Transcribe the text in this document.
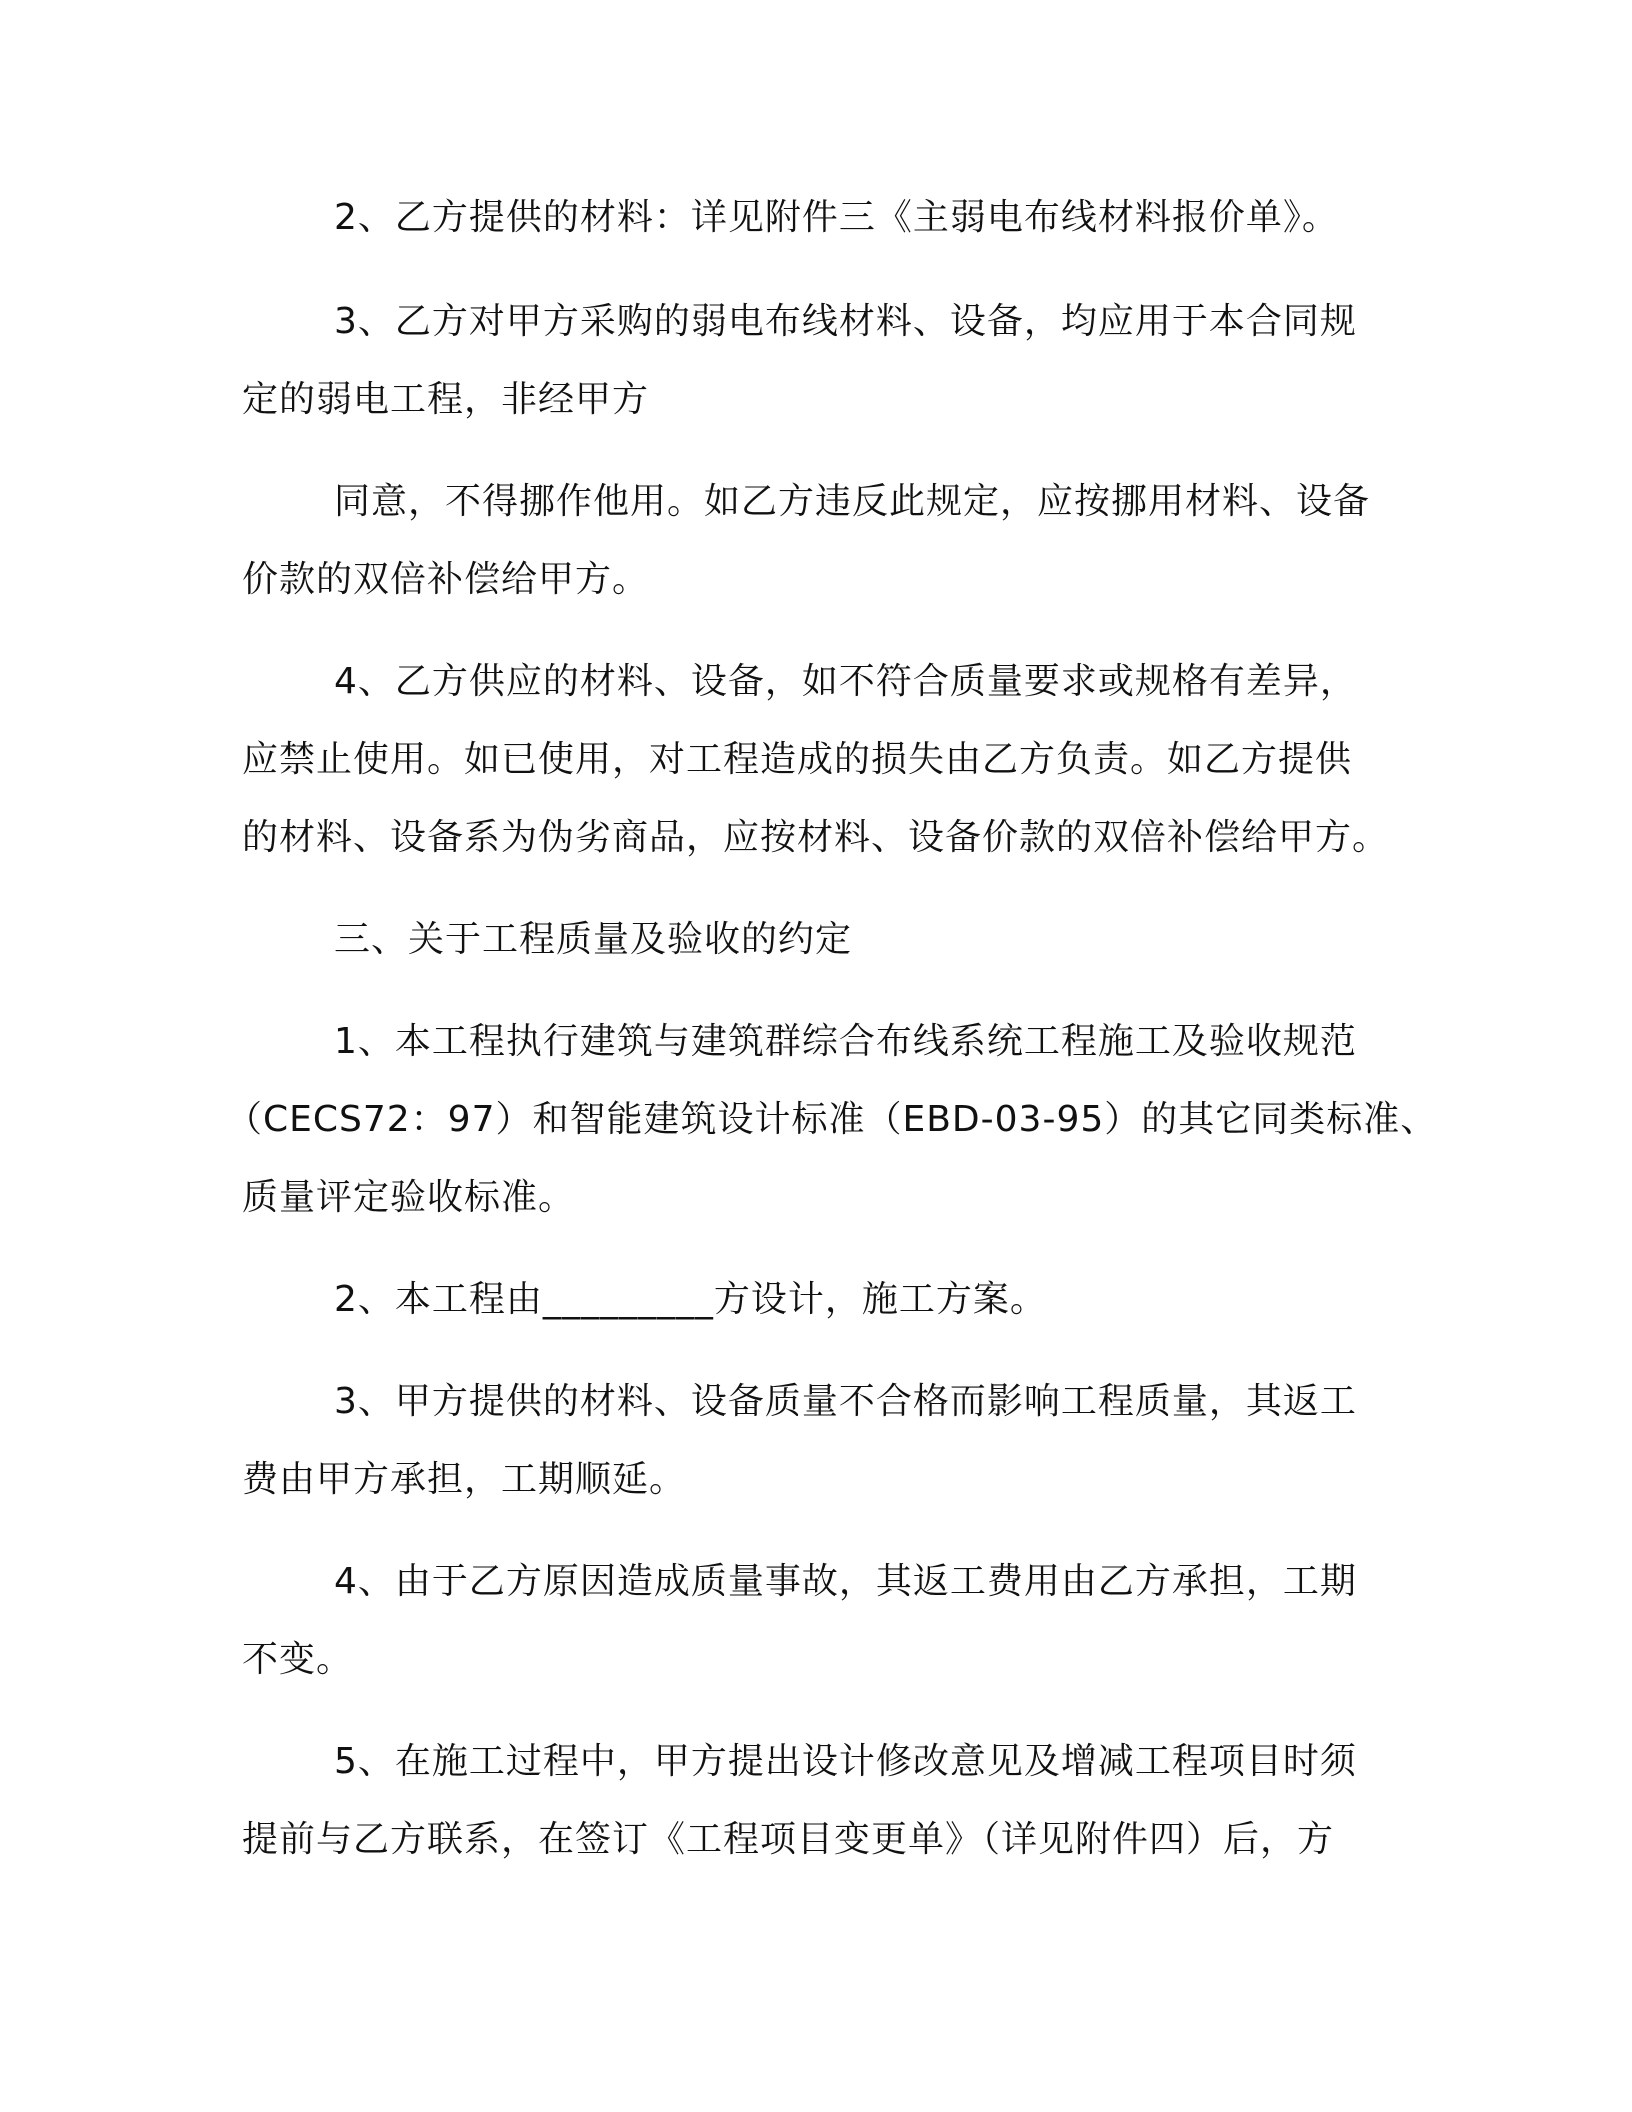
2、乙方提供的材料：详见附件三《主弱电布线材料报价单》。
3、乙方对甲方采购的弱电布线材料、设备，均应用于本合同规
定的弱电工程，非经甲方
同意，不得挪作他用。如乙方违反此规定，应按挪用材料、设备
价款的双倍补偿给甲方。
4、乙方供应的材料、设备，如不符合质量要求或规格有差异，
应禁止使用。如已使用，对工程造成的损失由乙方负责。如乙方提供
的材料、设备系为伪劣商品，应按材料、设备价款的双倍补偿给甲方。
三、关于工程质量及验收的约定
1、本工程执行建筑与建筑群综合布线系统工程施工及验收规范
（CECS72：97）和智能建筑设计标准（EBD-03-95）的其它同类标准、
质量评定验收标准。
2、本工程由_________方设计，施工方案。
3、甲方提供的材料、设备质量不合格而影响工程质量，其返工
费由甲方承担，工期顺延。
4、由于乙方原因造成质量事故，其返工费用由乙方承担，工期
不变。
5、在施工过程中，甲方提出设计修改意见及增减工程项目时须
提前与乙方联系，在签订《工程项目变更单》（详见附件四）后，方
